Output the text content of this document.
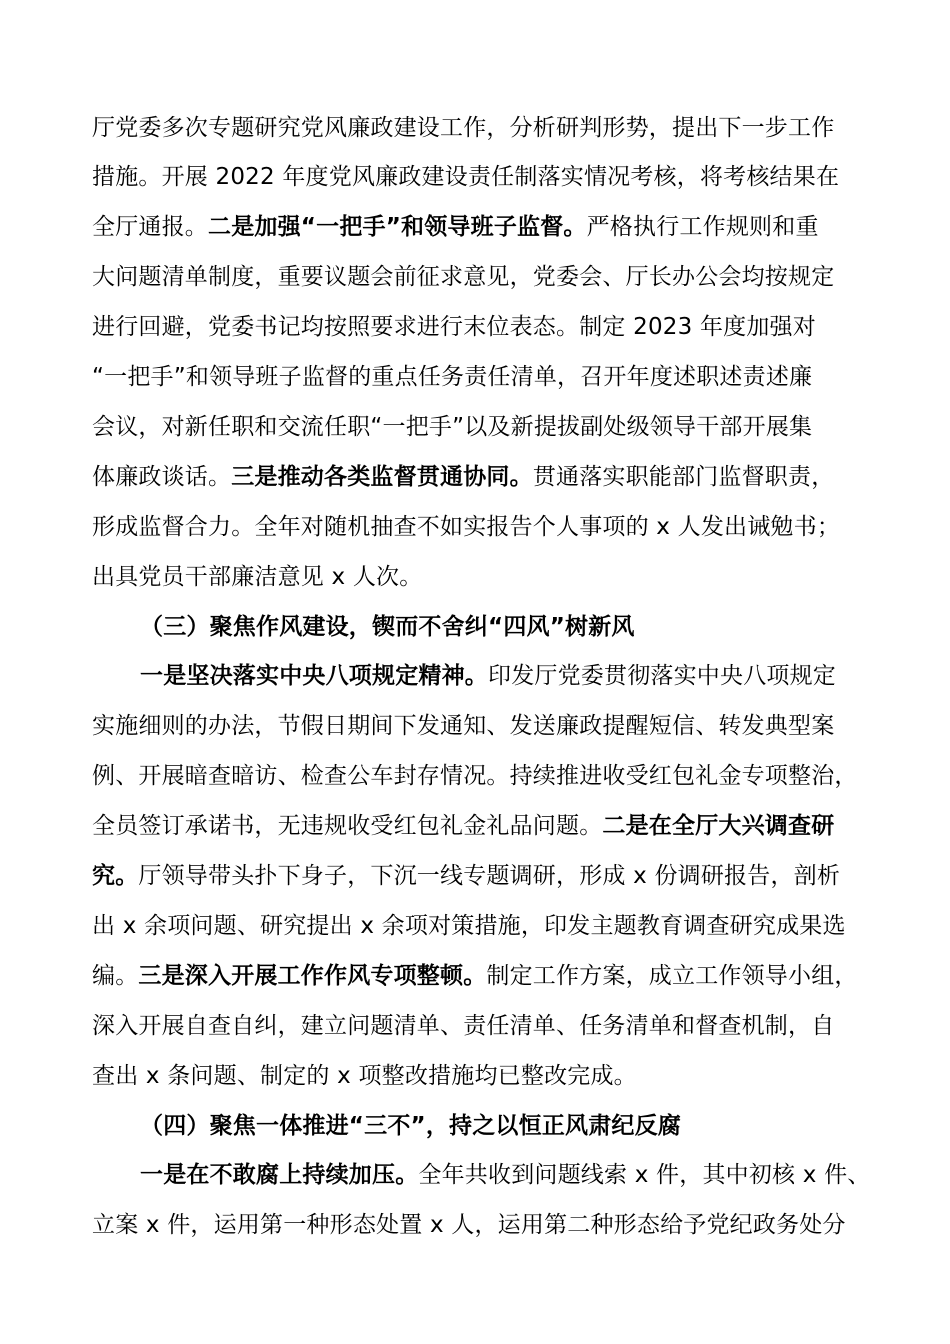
厅党委多次专题研究党风廉政建设工作，分析研判形势，提出下一步工作
措施。开展 2022 年度党风廉政建设责任制落实情况考核，将考核结果在
全厅通报。二是加强“一把手”和领导班子监督。严格执行工作规则和重
大问题清单制度，重要议题会前征求意见，党委会、厅长办公会均按规定
进行回避，党委书记均按照要求进行末位表态。制定 2023 年度加强对
“一把手”和领导班子监督的重点任务责任清单，召开年度述职述责述廉
会议，对新任职和交流任职“一把手”以及新提拔副处级领导干部开展集
体廉政谈话。三是推动各类监督贯通协同。贯通落实职能部门监督职责，
形成监督合力。全年对随机抽查不如实报告个人事项的 x 人发出诫勉书；
出具党员干部廉洁意见 x 人次。
（三）聚焦作风建设，锲而不舍纠“四风”树新风
一是坚决落实中央八项规定精神。印发厅党委贯彻落实中央八项规定
实施细则的办法，节假日期间下发通知、发送廉政提醒短信、转发典型案
例、开展暗查暗访、检查公车封存情况。持续推进收受红包礼金专项整治，
全员签订承诺书，无违规收受红包礼金礼品问题。二是在全厅大兴调查研
究。厅领导带头扑下身子，下沉一线专题调研，形成 x 份调研报告，剖析
出 x 余项问题、研究提出 x 余项对策措施，印发主题教育调查研究成果选
编。三是深入开展工作作风专项整顿。制定工作方案，成立工作领导小组，
深入开展自查自纠，建立问题清单、责任清单、任务清单和督查机制，自
查出 x 条问题、制定的 x 项整改措施均已整改完成。
（四）聚焦一体推进“三不”，持之以恒正风肃纪反腐
一是在不敢腐上持续加压。全年共收到问题线索 x 件，其中初核 x 件、
立案 x 件，运用第一种形态处置 x 人，运用第二种形态给予党纪政务处分
